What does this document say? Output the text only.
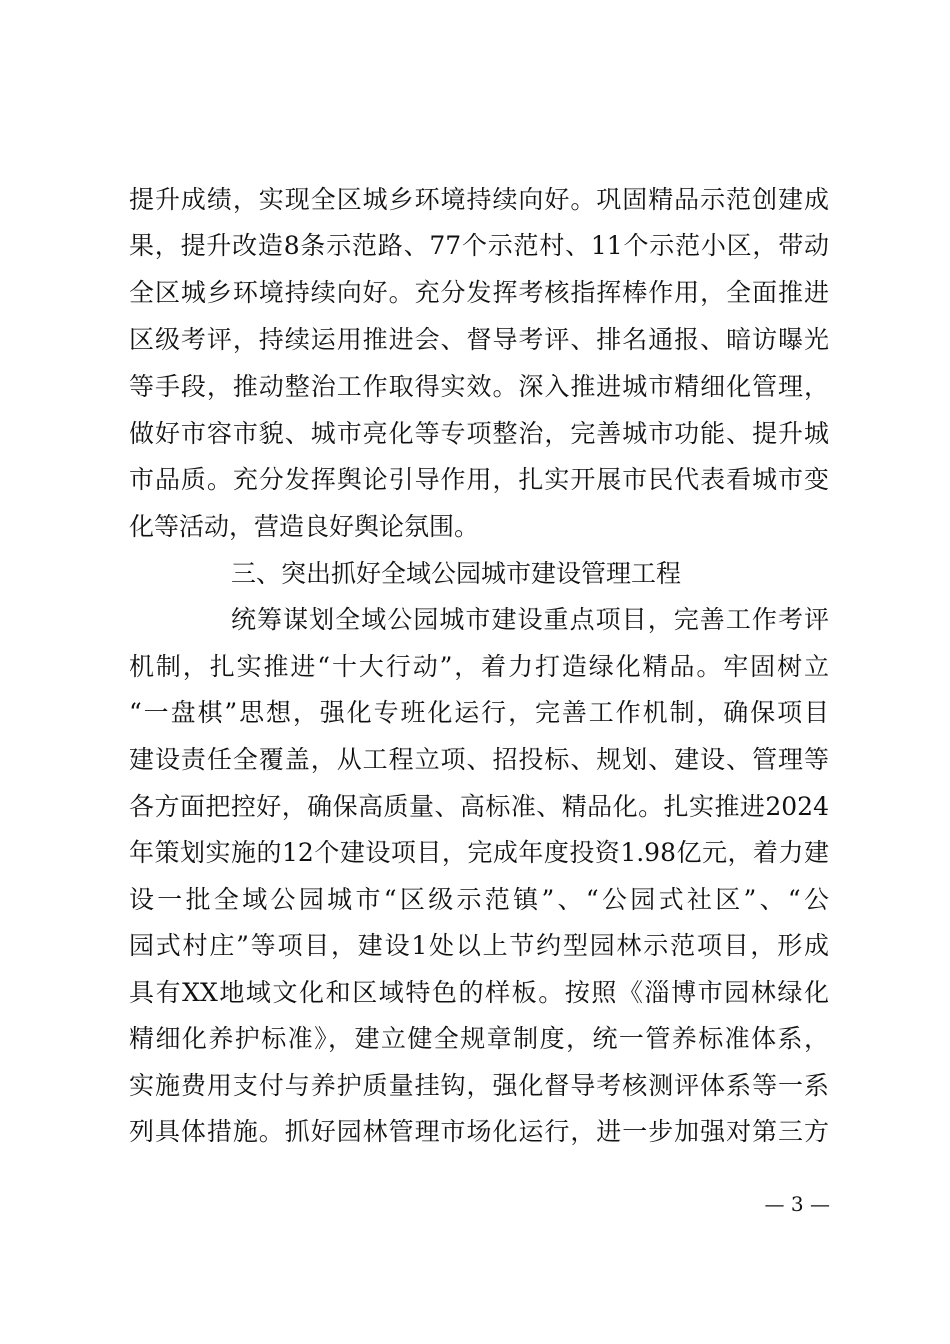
提升成绩，实现全区城乡环境持续向好。巩固精品示范创建成
果，提升改造8条示范路、77个示范村、11个示范小区，带动
全区城乡环境持续向好。充分发挥考核指挥棒作用，全面推进
区级考评，持续运用推进会、督导考评、排名通报、暗访曝光
等手段，推动整治工作取得实效。深入推进城市精细化管理，
做好市容市貌、城市亮化等专项整治，完善城市功能、提升城
市品质。充分发挥舆论引导作用，扎实开展市民代表看城市变
化等活动，营造良好舆论氛围。
三、突出抓好全域公园城市建设管理工程
统筹谋划全域公园城市建设重点项目，完善工作考评
机制，扎实推进“十大行动”，着力打造绿化精品。牢固树立
“一盘棋”思想，强化专班化运行，完善工作机制，确保项目
建设责任全覆盖，从工程立项、招投标、规划、建设、管理等
各方面把控好，确保高质量、高标准、精品化。扎实推进2024
年策划实施的12个建设项目，完成年度投资1.98亿元，着力建
设一批全域公园城市“区级示范镇”、“公园式社区”、“公
园式村庄”等项目，建设1处以上节约型园林示范项目，形成
具有XX地域文化和区域特色的样板。按照《淄博市园林绿化
精细化养护标准》，建立健全规章制度，统一管养标准体系，
实施费用支付与养护质量挂钩，强化督导考核测评体系等一系
列具体措施。抓好园林管理市场化运行，进一步加强对第三方
— 3 —
